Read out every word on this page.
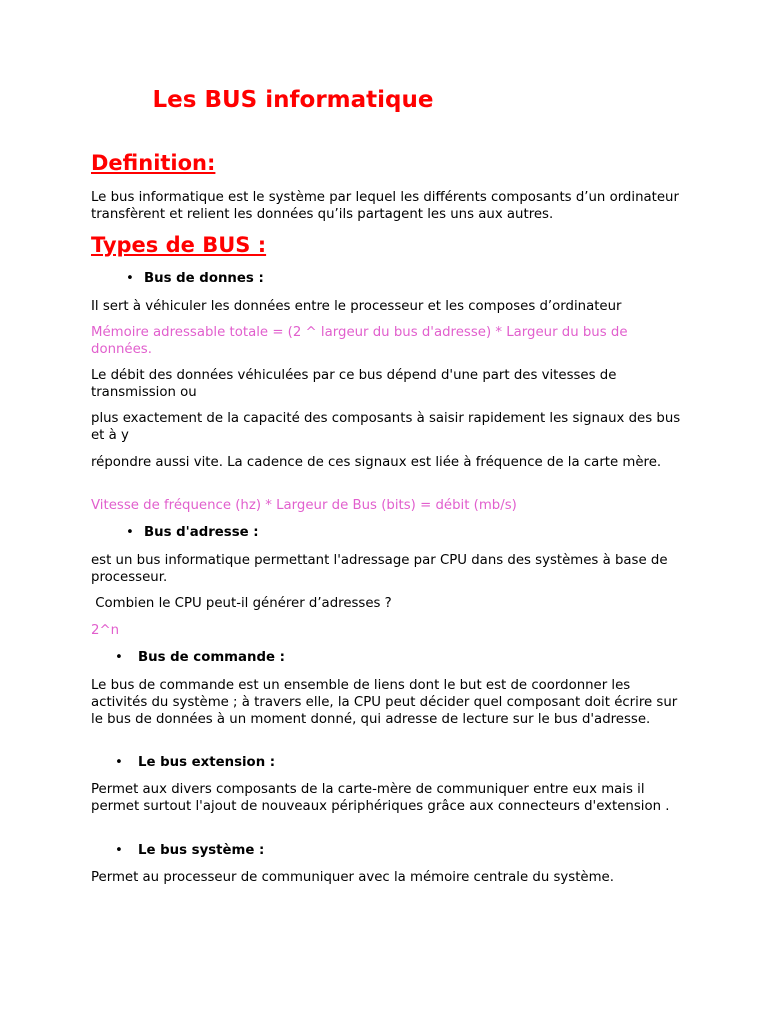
Les BUS informatique
Definition:

Le bus informatique est le système par lequel les différents composants d’un ordinateur transfèrent et relient les données qu’ils partagent les uns aux autres.

Types de BUS :
• Bus de donnes :

Il sert à véhiculer les données entre le processeur et les composes d’ordinateur

Mémoire adressable totale = (2 ^ largeur du bus d'adresse) * Largeur du bus de données.

Le débit des données véhiculées par ce bus dépend d'une part des vitesses de transmission ou

plus exactement de la capacité des composants à saisir rapidement les signaux des bus et à y

répondre aussi vite. La cadence de ces signaux est liée à fréquence de la carte mère.

Vitesse de fréquence (hz) * Largeur de Bus (bits) = débit (mb/s)

• Bus d'adresse :

est un bus informatique permettant l'adressage par CPU dans des systèmes à base de processeur.

Combien le CPU peut-il générer d’adresses ?

2^n

• Bus de commande :

Le bus de commande est un ensemble de liens dont le but est de coordonner les activités du système ; à travers elle, la CPU peut décider quel composant doit écrire sur le bus de données à un moment donné, qui adresse de lecture sur le bus d'adresse.

• Le bus extension :

Permet aux divers composants de la carte-mère de communiquer entre eux mais il permet surtout l'ajout de nouveaux périphériques grâce aux connecteurs d'extension .

• Le bus système :

Permet au processeur de communiquer avec la mémoire centrale du système.
